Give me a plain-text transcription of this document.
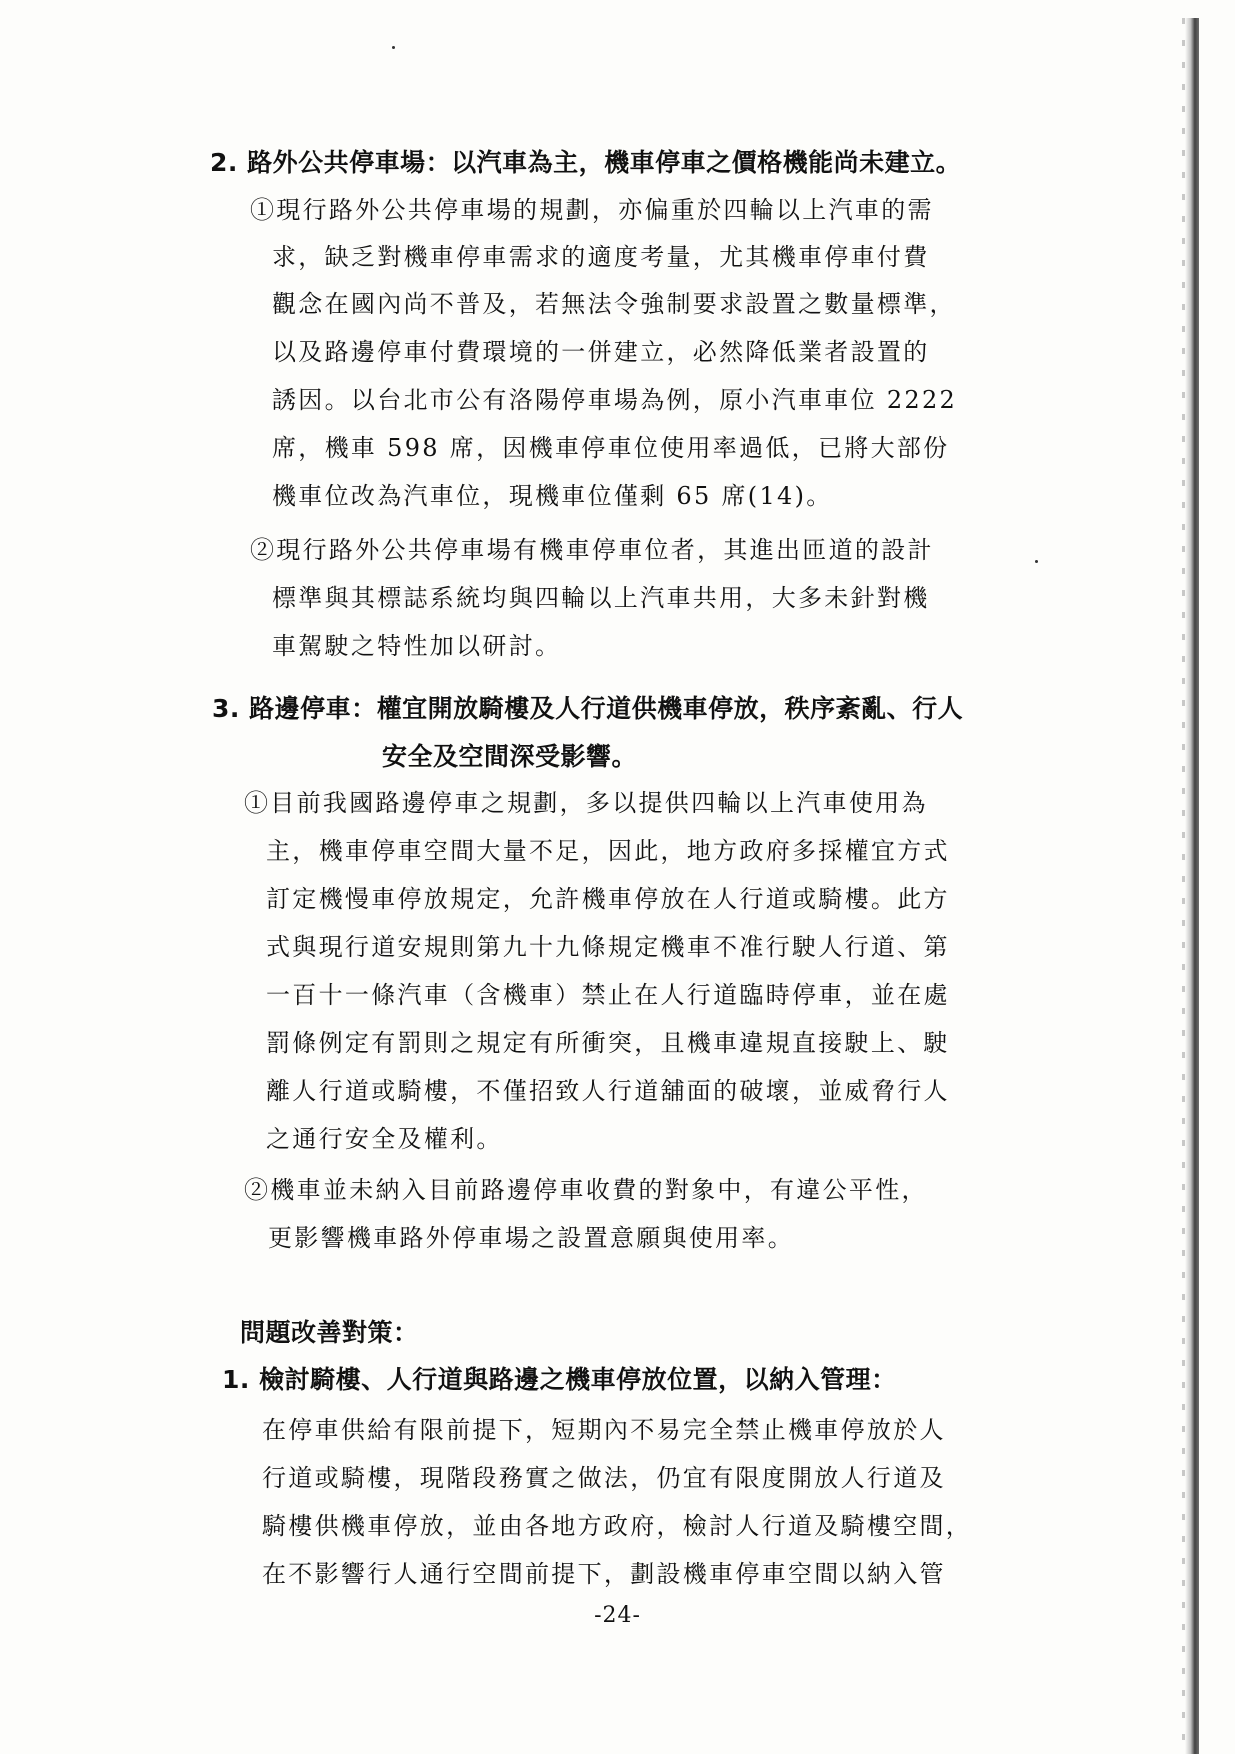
2. 路外公共停車場：以汽車為主，機車停車之價格機能尚未建立。
①現行路外公共停車場的規劃，亦偏重於四輪以上汽車的需
求，缺乏對機車停車需求的適度考量，尤其機車停車付費
觀念在國內尚不普及，若無法令強制要求設置之數量標準，
以及路邊停車付費環境的一併建立，必然降低業者設置的
誘因。以台北市公有洛陽停車場為例，原小汽車車位 2222
席，機車 598 席，因機車停車位使用率過低，已將大部份
機車位改為汽車位，現機車位僅剩 65 席(14)。
②現行路外公共停車場有機車停車位者，其進出匝道的設計
標準與其標誌系統均與四輪以上汽車共用，大多未針對機
車駕駛之特性加以研討。
3. 路邊停車：權宜開放騎樓及人行道供機車停放，秩序紊亂、行人
安全及空間深受影響。
①目前我國路邊停車之規劃，多以提供四輪以上汽車使用為
主，機車停車空間大量不足，因此，地方政府多採權宜方式
訂定機慢車停放規定，允許機車停放在人行道或騎樓。此方
式與現行道安規則第九十九條規定機車不准行駛人行道、第
一百十一條汽車（含機車）禁止在人行道臨時停車，並在處
罰條例定有罰則之規定有所衝突，且機車違規直接駛上、駛
離人行道或騎樓，不僅招致人行道舖面的破壞，並威脅行人
之通行安全及權利。
②機車並未納入目前路邊停車收費的對象中，有違公平性，
更影響機車路外停車場之設置意願與使用率。
問題改善對策：
1. 檢討騎樓、人行道與路邊之機車停放位置，以納入管理：
在停車供給有限前提下，短期內不易完全禁止機車停放於人
行道或騎樓，現階段務實之做法，仍宜有限度開放人行道及
騎樓供機車停放，並由各地方政府，檢討人行道及騎樓空間，
在不影響行人通行空間前提下，劃設機車停車空間以納入管
-24-
